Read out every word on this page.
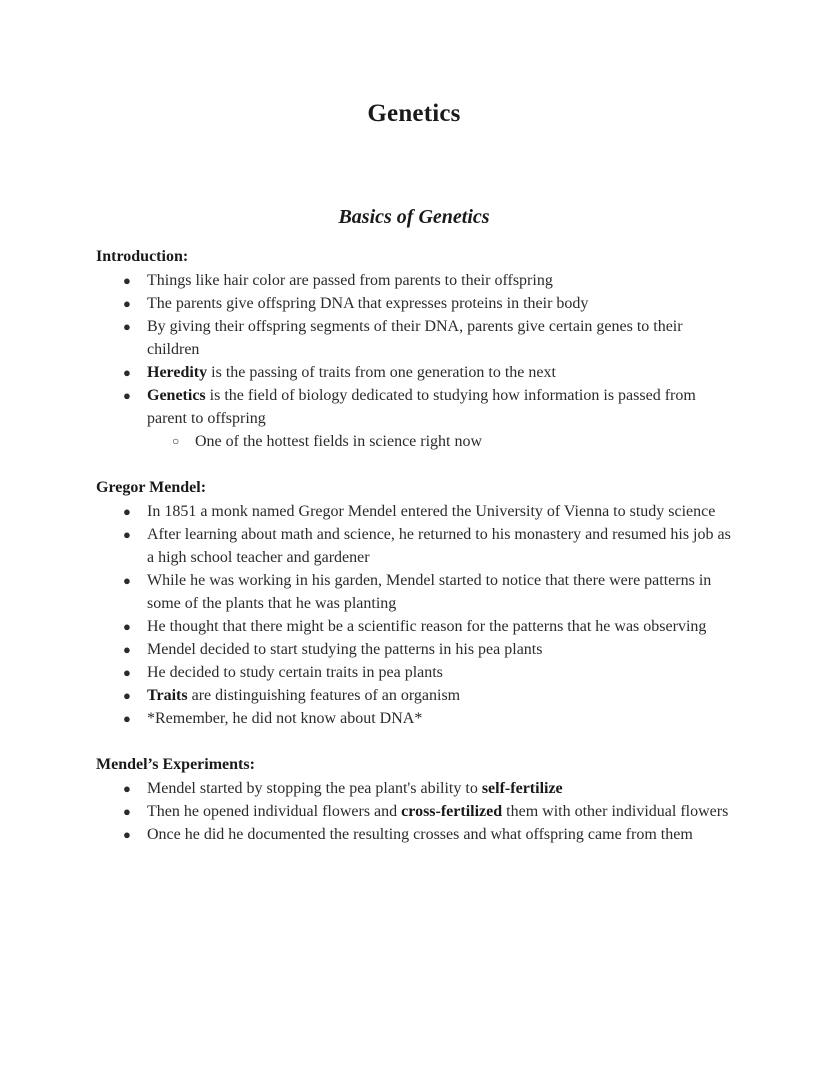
Genetics
Basics of Genetics
Introduction:
● Things like hair color are passed from parents to their offspring
● The parents give offspring DNA that expresses proteins in their body
● By giving their offspring segments of their DNA, parents give certain genes to their children
● Heredity is the passing of traits from one generation to the next
● Genetics is the field of biology dedicated to studying how information is passed from parent to offspring
○ One of the hottest fields in science right now
Gregor Mendel:
● In 1851 a monk named Gregor Mendel entered the University of Vienna to study science
● After learning about math and science, he returned to his monastery and resumed his job as a high school teacher and gardener
● While he was working in his garden, Mendel started to notice that there were patterns in some of the plants that he was planting
● He thought that there might be a scientific reason for the patterns that he was observing
● Mendel decided to start studying the patterns in his pea plants
● He decided to study certain traits in pea plants
● Traits are distinguishing features of an organism
● *Remember, he did not know about DNA*
Mendel’s Experiments:
● Mendel started by stopping the pea plant's ability to self-fertilize
● Then he opened individual flowers and cross-fertilized them with other individual flowers
● Once he did he documented the resulting crosses and what offspring came from them
